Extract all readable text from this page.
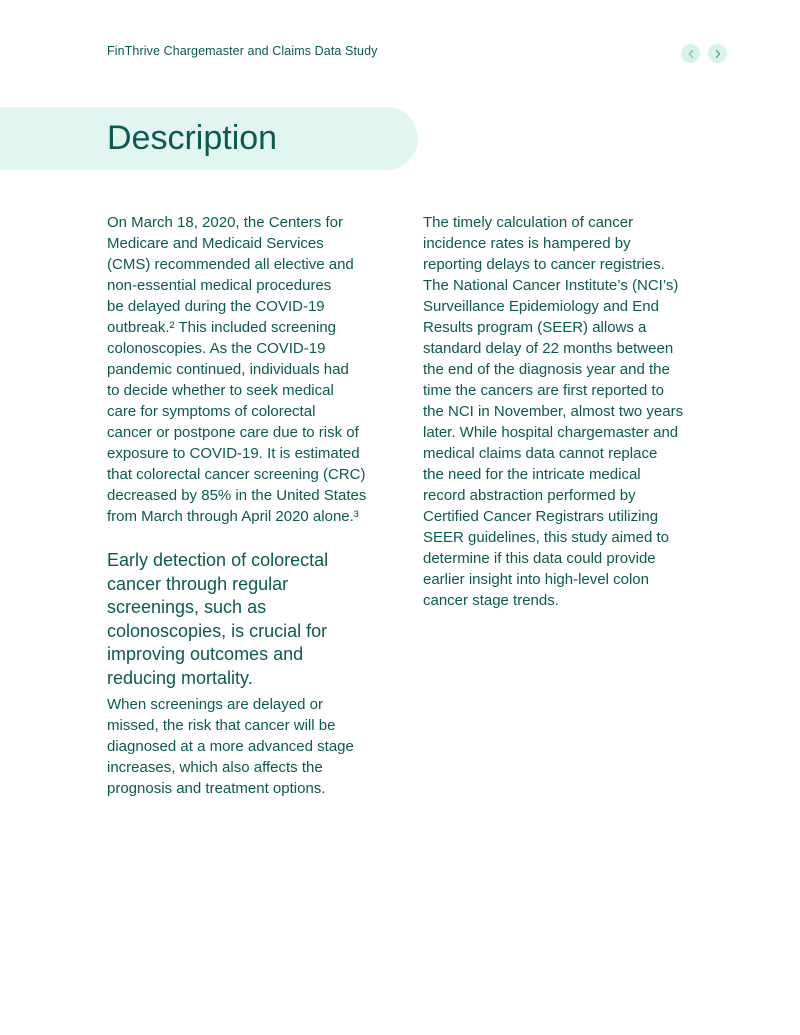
FinThrive Chargemaster and Claims Data Study
Description

On March 18, 2020, the Centers for
Medicare and Medicaid Services
(CMS) recommended all elective and
non-essential medical procedures
be delayed during the COVID-19
outbreak.² This included screening
colonoscopies. As the COVID-19
pandemic continued, individuals had
to decide whether to seek medical
care for symptoms of colorectal
cancer or postpone care due to risk of
exposure to COVID-19. It is estimated
that colorectal cancer screening (CRC)
decreased by 85% in the United States
from March through April 2020 alone.³

Early detection of colorectal
cancer through regular
screenings, such as
colonoscopies, is crucial for
improving outcomes and
reducing mortality.

When screenings are delayed or
missed, the risk that cancer will be
diagnosed at a more advanced stage
increases, which also affects the
prognosis and treatment options.

The timely calculation of cancer
incidence rates is hampered by
reporting delays to cancer registries.
The National Cancer Institute’s (NCI’s)
Surveillance Epidemiology and End
Results program (SEER) allows a
standard delay of 22 months between
the end of the diagnosis year and the
time the cancers are first reported to
the NCI in November, almost two years
later. While hospital chargemaster and
medical claims data cannot replace
the need for the intricate medical
record abstraction performed by
Certified Cancer Registrars utilizing
SEER guidelines, this study aimed to
determine if this data could provide
earlier insight into high-level colon
cancer stage trends.
